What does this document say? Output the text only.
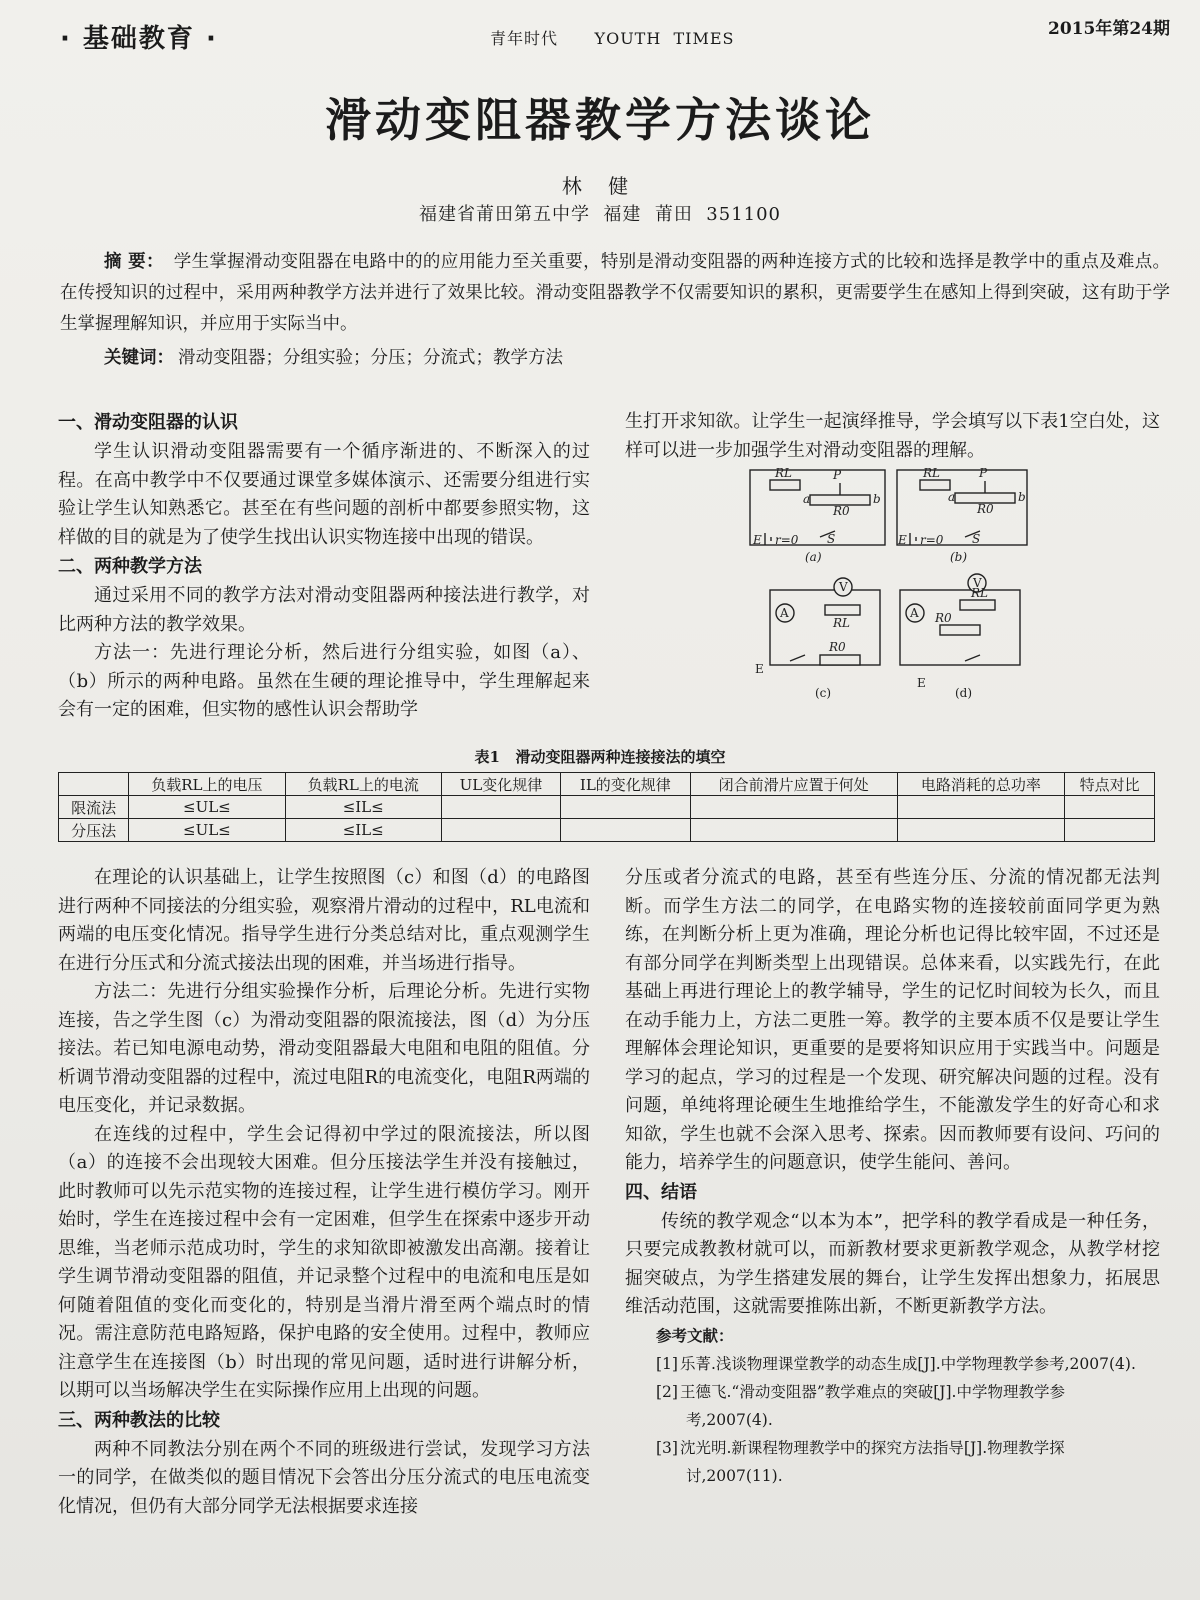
· 基础教育 ·	青年时代      YOUTH  TIMES	2015年第24期
滑动变阻器教学方法谈论
林 健
福建省莆田第五中学  福建  莆田  351100
摘 要： 学生掌握滑动变阻器在电路中的的应用能力至关重要，特别是滑动变阻器的两种连接方式的比较和选择是教学中的重点及难点。在传授知识的过程中，采用两种教学方法并进行了效果比较。滑动变阻器教学不仅需要知识的累积，更需要学生在感知上得到突破，这有助于学生掌握理解知识，并应用于实际当中。
关键词： 滑动变阻器；分组实验；分压；分流式；教学方法
一、滑动变阻器的认识

学生认识滑动变阻器需要有一个循序渐进的、不断深入的过程。在高中教学中不仅要通过课堂多媒体演示、还需要分组进行实验让学生认知熟悉它。甚至在有些问题的剖析中都要参照实物，这样做的目的就是为了使学生找出认识实物连接中出现的错误。

二、两种教学方法

通过采用不同的教学方法对滑动变阻器两种接法进行教学，对比两种方法的教学效果。

方法一：先进行理论分析，然后进行分组实验，如图（a）、（b）所示的两种电路。虽然在生硬的理论推导中，学生理解起来会有一定的困难，但实物的感性认识会帮助学

生打开求知欲。让学生一起演绎推导，学会填写以下表1空白处，这样可以进一步加强学生对滑动变阻器的理解。

RL	P
R0
a	b
E r=0 S
(a)
RL	P
R0
a	b
E r=0 S
(b)
A
V
RL
R0
E
(c)
A
V
RL
R0
E
(d)
表1   滑动变阻器两种连接接法的填空
	负载RL上的电压	负载RL上的电流	UL变化规律	IL的变化规律	闭合前滑片应置于何处	电路消耗的总功率	特点对比
限流法	≤UL≤	≤IL≤					
分压法	≤UL≤	≤IL≤					

在理论的认识基础上，让学生按照图（c）和图（d）的电路图进行两种不同接法的分组实验，观察滑片滑动的过程中，RL电流和两端的电压变化情况。指导学生进行分类总结对比，重点观测学生在进行分压式和分流式接法出现的困难，并当场进行指导。

方法二：先进行分组实验操作分析，后理论分析。先进行实物连接，告之学生图（c）为滑动变阻器的限流接法，图（d）为分压接法。若已知电源电动势，滑动变阻器最大电阻和电阻的阻值。分析调节滑动变阻器的过程中，流过电阻R的电流变化，电阻R两端的电压变化，并记录数据。

在连线的过程中，学生会记得初中学过的限流接法，所以图（a）的连接不会出现较大困难。但分压接法学生并没有接触过，此时教师可以先示范实物的连接过程，让学生进行模仿学习。刚开始时，学生在连接过程中会有一定困难，但学生在探索中逐步开动思维，当老师示范成功时，学生的求知欲即被激发出高潮。接着让学生调节滑动变阻器的阻值，并记录整个过程中的电流和电压是如何随着阻值的变化而变化的，特别是当滑片滑至两个端点时的情况。需注意防范电路短路，保护电路的安全使用。过程中，教师应注意学生在连接图（b）时出现的常见问题，适时进行讲解分析，以期可以当场解决学生在实际操作应用上出现的问题。

三、两种教法的比较

两种不同教法分别在两个不同的班级进行尝试，发现学习方法一的同学，在做类似的题目情况下会答出分压分流式的电压电流变化情况，但仍有大部分同学无法根据要求连接

分压或者分流式的电路，甚至有些连分压、分流的情况都无法判断。而学生方法二的同学，在电路实物的连接较前面同学更为熟练，在判断分析上更为准确，理论分析也记得比较牢固，不过还是有部分同学在判断类型上出现错误。总体来看，以实践先行，在此基础上再进行理论上的教学辅导，学生的记忆时间较为长久，而且在动手能力上，方法二更胜一筹。教学的主要本质不仅是要让学生理解体会理论知识，更重要的是要将知识应用于实践当中。问题是学习的起点，学习的过程是一个发现、研究解决问题的过程。没有问题，单纯将理论硬生生地推给学生，不能激发学生的好奇心和求知欲，学生也就不会深入思考、探索。因而教师要有设问、巧问的能力，培养学生的问题意识，使学生能问、善问。

四、结语

传统的教学观念“以本为本”，把学科的教学看成是一种任务，只要完成教教材就可以，而新教材要求更新教学观念，从教学材挖掘突破点，为学生搭建发展的舞台，让学生发挥出想象力，拓展思维活动范围，这就需要推陈出新，不断更新教学方法。

参考文献：

[1] 乐菁.浅谈物理课堂教学的动态生成[J].中学物理教学参考,2007(4).

[2] 王德飞.“滑动变阻器”教学难点的突破[J].中学物理教学参

考,2007(4).

[3] 沈光明.新课程物理教学中的探究方法指导[J].物理教学探

讨,2007(11).
